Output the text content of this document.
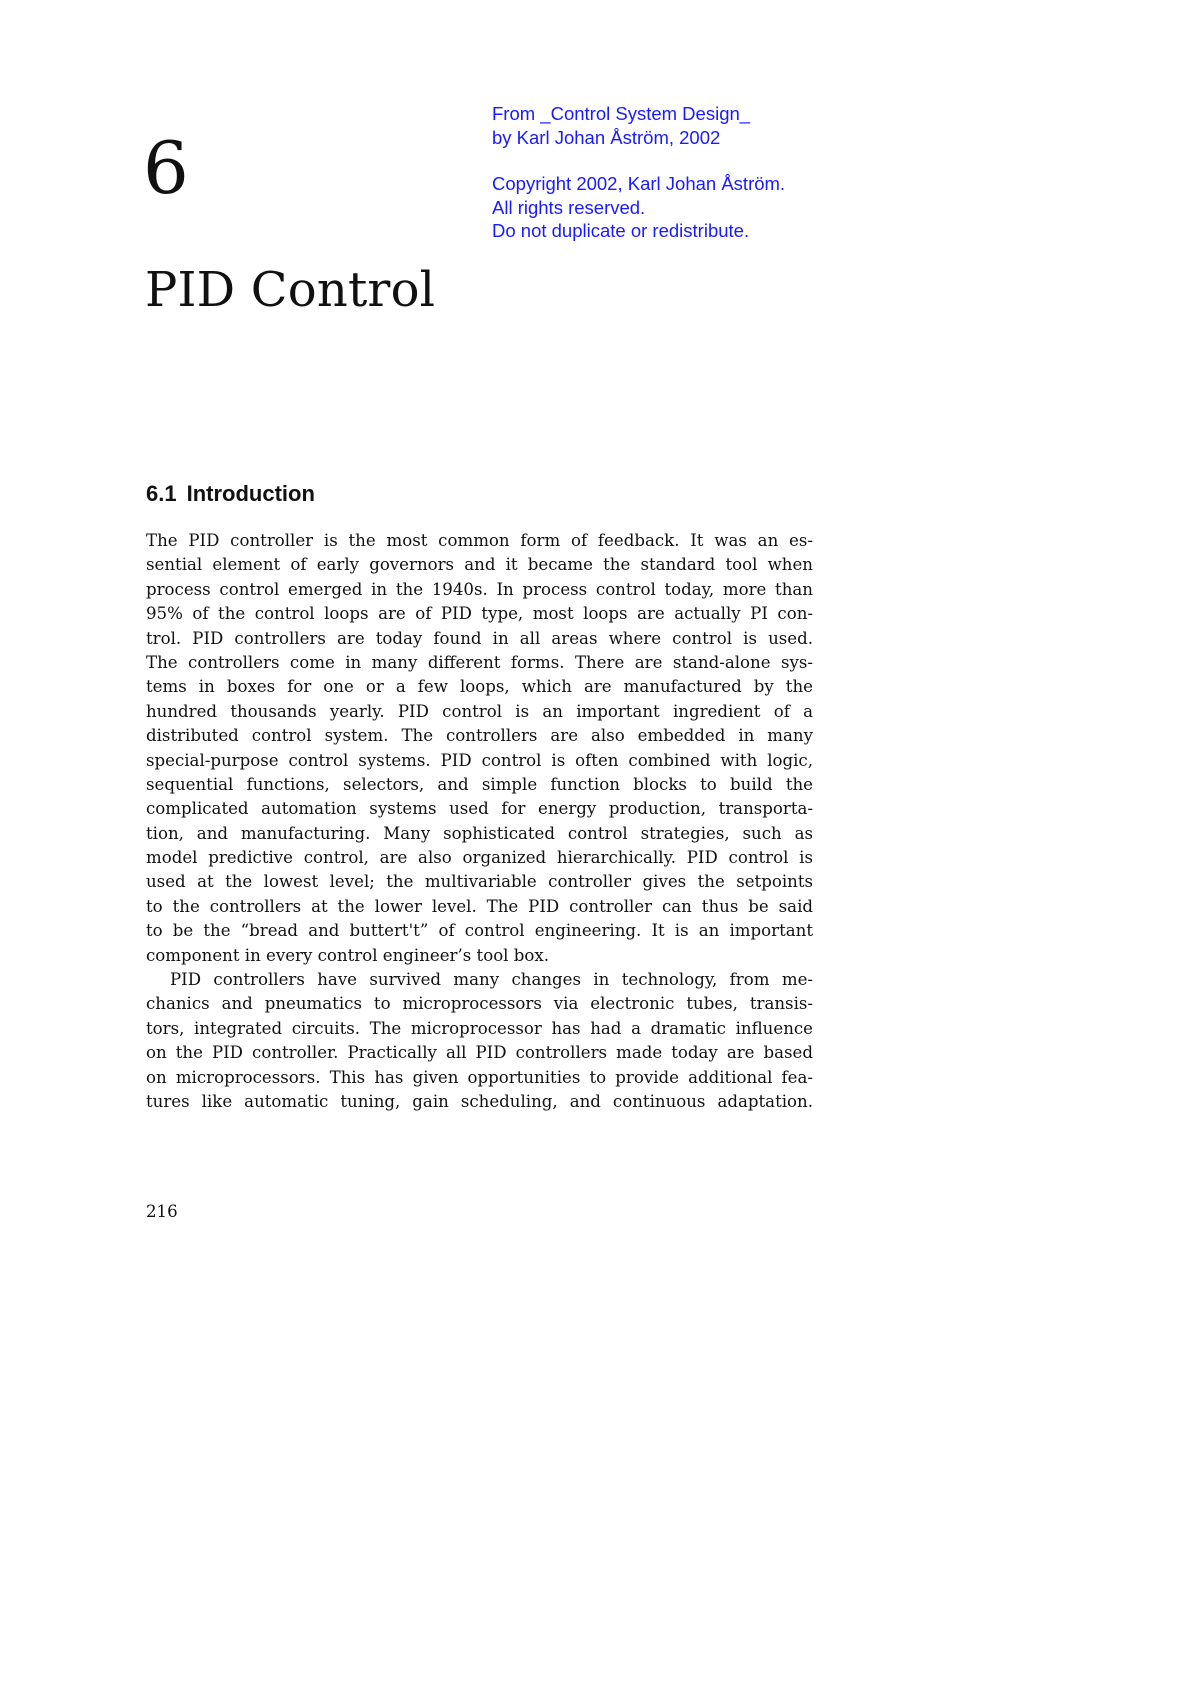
6
PID Control
From _Control System Design_
by Karl Johan Åström, 2002
Copyright 2002, Karl Johan Åström.
All rights reserved.
Do not duplicate or redistribute.
6.1 Introduction
The PID controller is the most common form of feedback. It was an es-
sential element of early governors and it became the standard tool when
process control emerged in the 1940s. In process control today, more than
95% of the control loops are of PID type, most loops are actually PI con-
trol. PID controllers are today found in all areas where control is used.
The controllers come in many different forms. There are stand-alone sys-
tems in boxes for one or a few loops, which are manufactured by the
hundred thousands yearly. PID control is an important ingredient of a
distributed control system. The controllers are also embedded in many
special-purpose control systems. PID control is often combined with logic,
sequential functions, selectors, and simple function blocks to build the
complicated automation systems used for energy production, transporta-
tion, and manufacturing. Many sophisticated control strategies, such as
model predictive control, are also organized hierarchically. PID control is
used at the lowest level; the multivariable controller gives the setpoints
to the controllers at the lower level. The PID controller can thus be said
to be the “bread and buttert't” of control engineering. It is an important
component in every control engineer’s tool box.
PID controllers have survived many changes in technology, from me-
chanics and pneumatics to microprocessors via electronic tubes, transis-
tors, integrated circuits. The microprocessor has had a dramatic influence
on the PID controller. Practically all PID controllers made today are based
on microprocessors. This has given opportunities to provide additional fea-
tures like automatic tuning, gain scheduling, and continuous adaptation.
216
